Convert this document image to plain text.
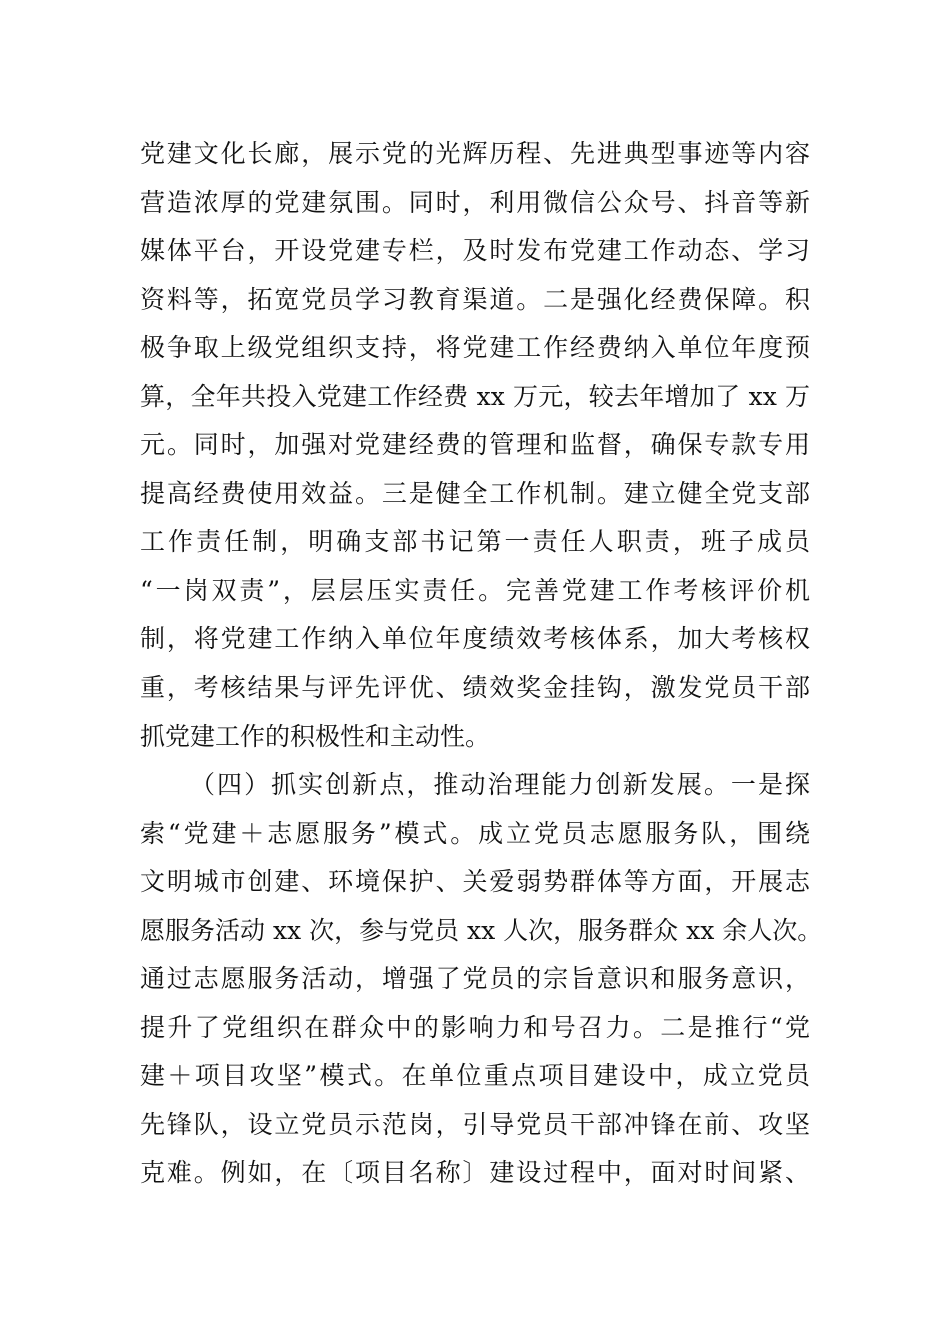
党建文化长廊，展示党的光辉历程、先进典型事迹等内容
营造浓厚的党建氛围。同时，利用微信公众号、抖音等新
媒体平台，开设党建专栏，及时发布党建工作动态、学习
资料等，拓宽党员学习教育渠道。二是强化经费保障。积
极争取上级党组织支持，将党建工作经费纳入单位年度预
算，全年共投入党建工作经费 xx 万元，较去年增加了 xx 万
元。同时，加强对党建经费的管理和监督，确保专款专用
提高经费使用效益。三是健全工作机制。建立健全党支部
工作责任制，明确支部书记第一责任人职责，班子成员
“一岗双责”，层层压实责任。完善党建工作考核评价机
制，将党建工作纳入单位年度绩效考核体系，加大考核权
重，考核结果与评先评优、绩效奖金挂钩，激发党员干部
抓党建工作的积极性和主动性。
（四）抓实创新点，推动治理能力创新发展。一是探
索“党建＋志愿服务”模式。成立党员志愿服务队，围绕
文明城市创建、环境保护、关爱弱势群体等方面，开展志
愿服务活动 xx 次，参与党员 xx 人次，服务群众 xx 余人次。
通过志愿服务活动，增强了党员的宗旨意识和服务意识，
提升了党组织在群众中的影响力和号召力。二是推行“党
建＋项目攻坚”模式。在单位重点项目建设中，成立党员
先锋队，设立党员示范岗，引导党员干部冲锋在前、攻坚
克难。例如，在〔项目名称〕建设过程中，面对时间紧、
